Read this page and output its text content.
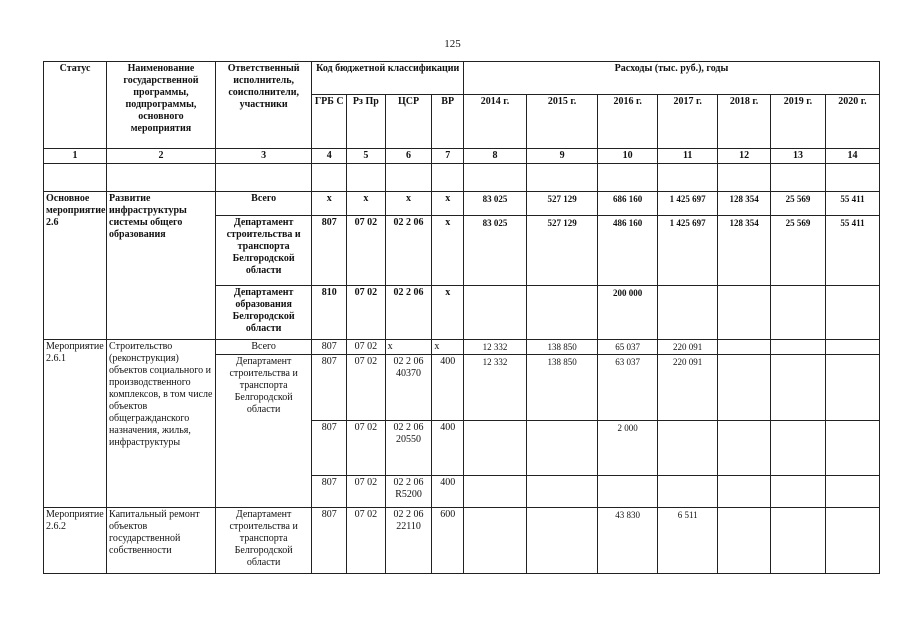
125
Статус	Наименование государственной программы, подпрограммы, основного мероприятия	Ответственный исполнитель, соисполнители, участники	Код бюджетной классификации				Расходы (тыс. руб.), годы						
			ГРБ С	Рз Пр	ЦСР	ВР	2014 г.	2015 г.	2016 г.	2017 г.	2018 г.	2019 г.	2020 г.
1	2	3	4	5	6	7	8	9	10	11	12	13	14

Основное мероприятие 2.6	Развитие инфраструктуры системы общего образования	Всего	х	х	х	х	83 025	527 129	686 160	1 425 697	128 354	25 569	55 411
		Департамент строительства и транспорта Белгородской области	807	07 02	02 2 06	х	83 025	527 129	486 160	1 425 697	128 354	25 569	55 411
		Департамент образования Белгородской области	810	07 02	02 2 06	х			200 000				
Мероприятие 2.6.1	Строительство (реконструкция) объектов социального и производственного комплексов, в том числе объектов общегражданского назначения, жилья, инфраструктуры	Всего	807	07 02	х	х	12 332	138 850	65 037	220 091			
		Департамент строительства и транспорта Белгородской области	807	07 02	02 2 06 40370	400	12 332	138 850	63 037	220 091			
			807	07 02	02 2 06 20550	400			2 000				
			807	07 02	02 2 06 R5200	400							
Мероприятие 2.6.2	Капитальный ремонт объектов государственной собственности	Департамент строительства и транспорта Белгородской области	807	07 02	02 2 06 22110	600			43 830	6 511			
